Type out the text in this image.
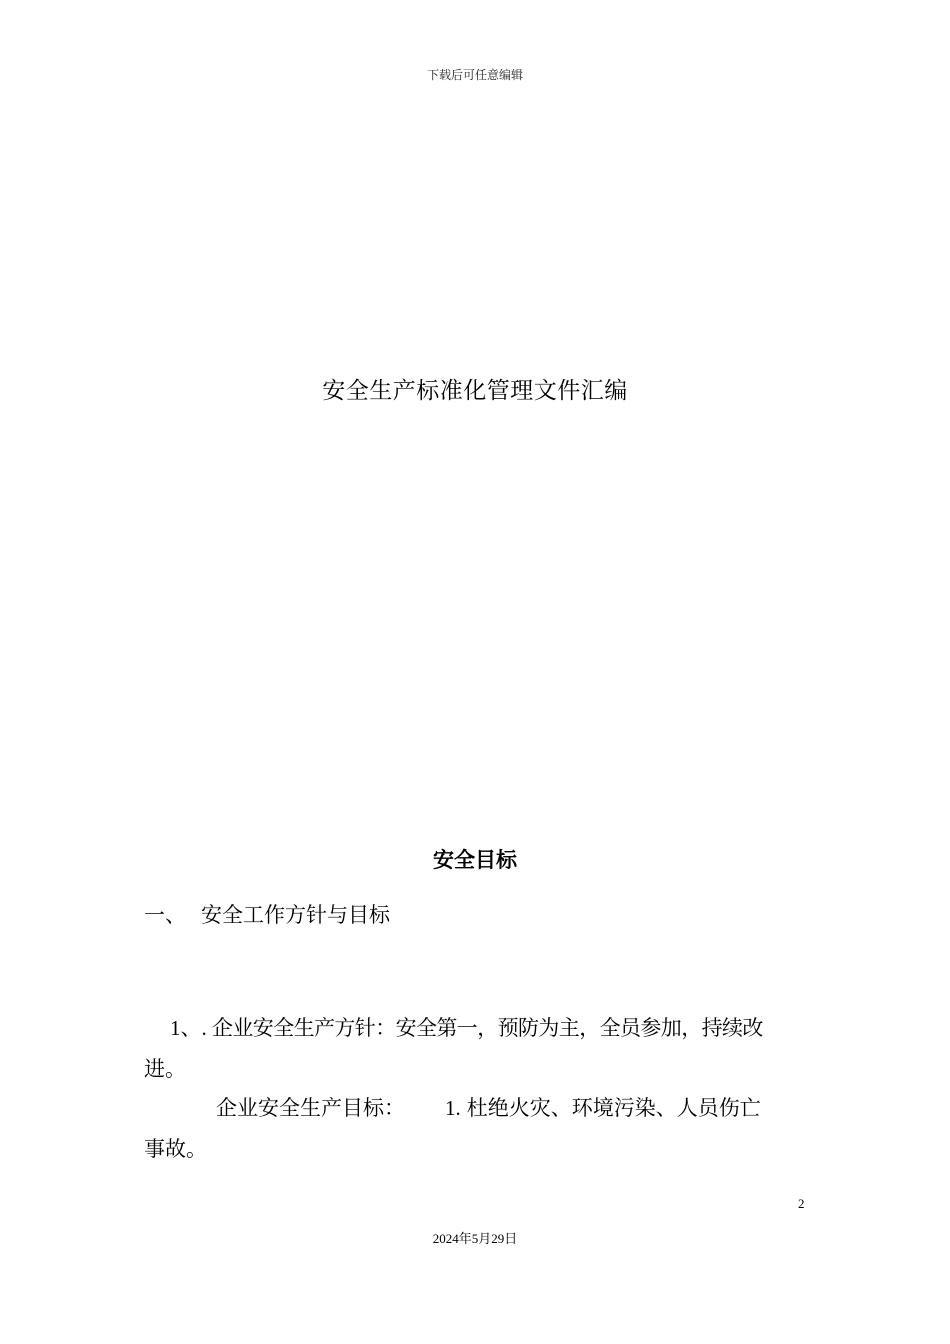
下载后可任意编辑
安全生产标准化管理文件汇编
安全目标
一、 安全工作方针与目标
1、. 企业安全生产方针：安全第一，预防为主，全员参加，持续改
进。
企业安全生产目标： 1. 杜绝火灾、环境污染、人员伤亡
事故。
2
2024年5月29日
